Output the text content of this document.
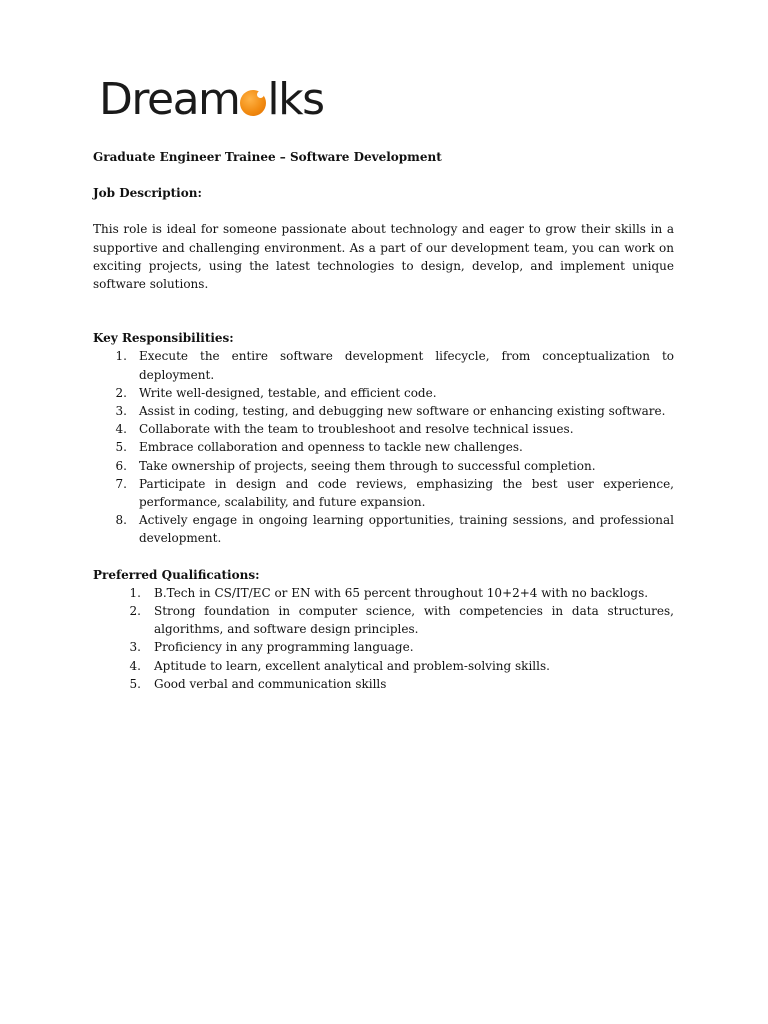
Dream lks
Graduate Engineer Trainee – Software Development
Job Description:
This role is ideal for someone passionate about technology and eager to grow their skills in a supportive and challenging environment. As a part of our development team, you can work on exciting projects, using the latest technologies to design, develop, and implement unique software solutions.
Key Responsibilities:
1. Execute the entire software development lifecycle, from conceptualization to deployment.
2. Write well-designed, testable, and efficient code.
3. Assist in coding, testing, and debugging new software or enhancing existing software.
4. Collaborate with the team to troubleshoot and resolve technical issues.
5. Embrace collaboration and openness to tackle new challenges.
6. Take ownership of projects, seeing them through to successful completion.
7. Participate in design and code reviews, emphasizing the best user experience, performance, scalability, and future expansion.
8. Actively engage in ongoing learning opportunities, training sessions, and professional development.
Preferred Qualifications:
1. B.Tech in CS/IT/EC or EN with 65 percent throughout 10+2+4 with no backlogs.
2. Strong foundation in computer science, with competencies in data structures, algorithms, and software design principles.
3. Proficiency in any programming language.
4. Aptitude to learn, excellent analytical and problem-solving skills.
5. Good verbal and communication skills
